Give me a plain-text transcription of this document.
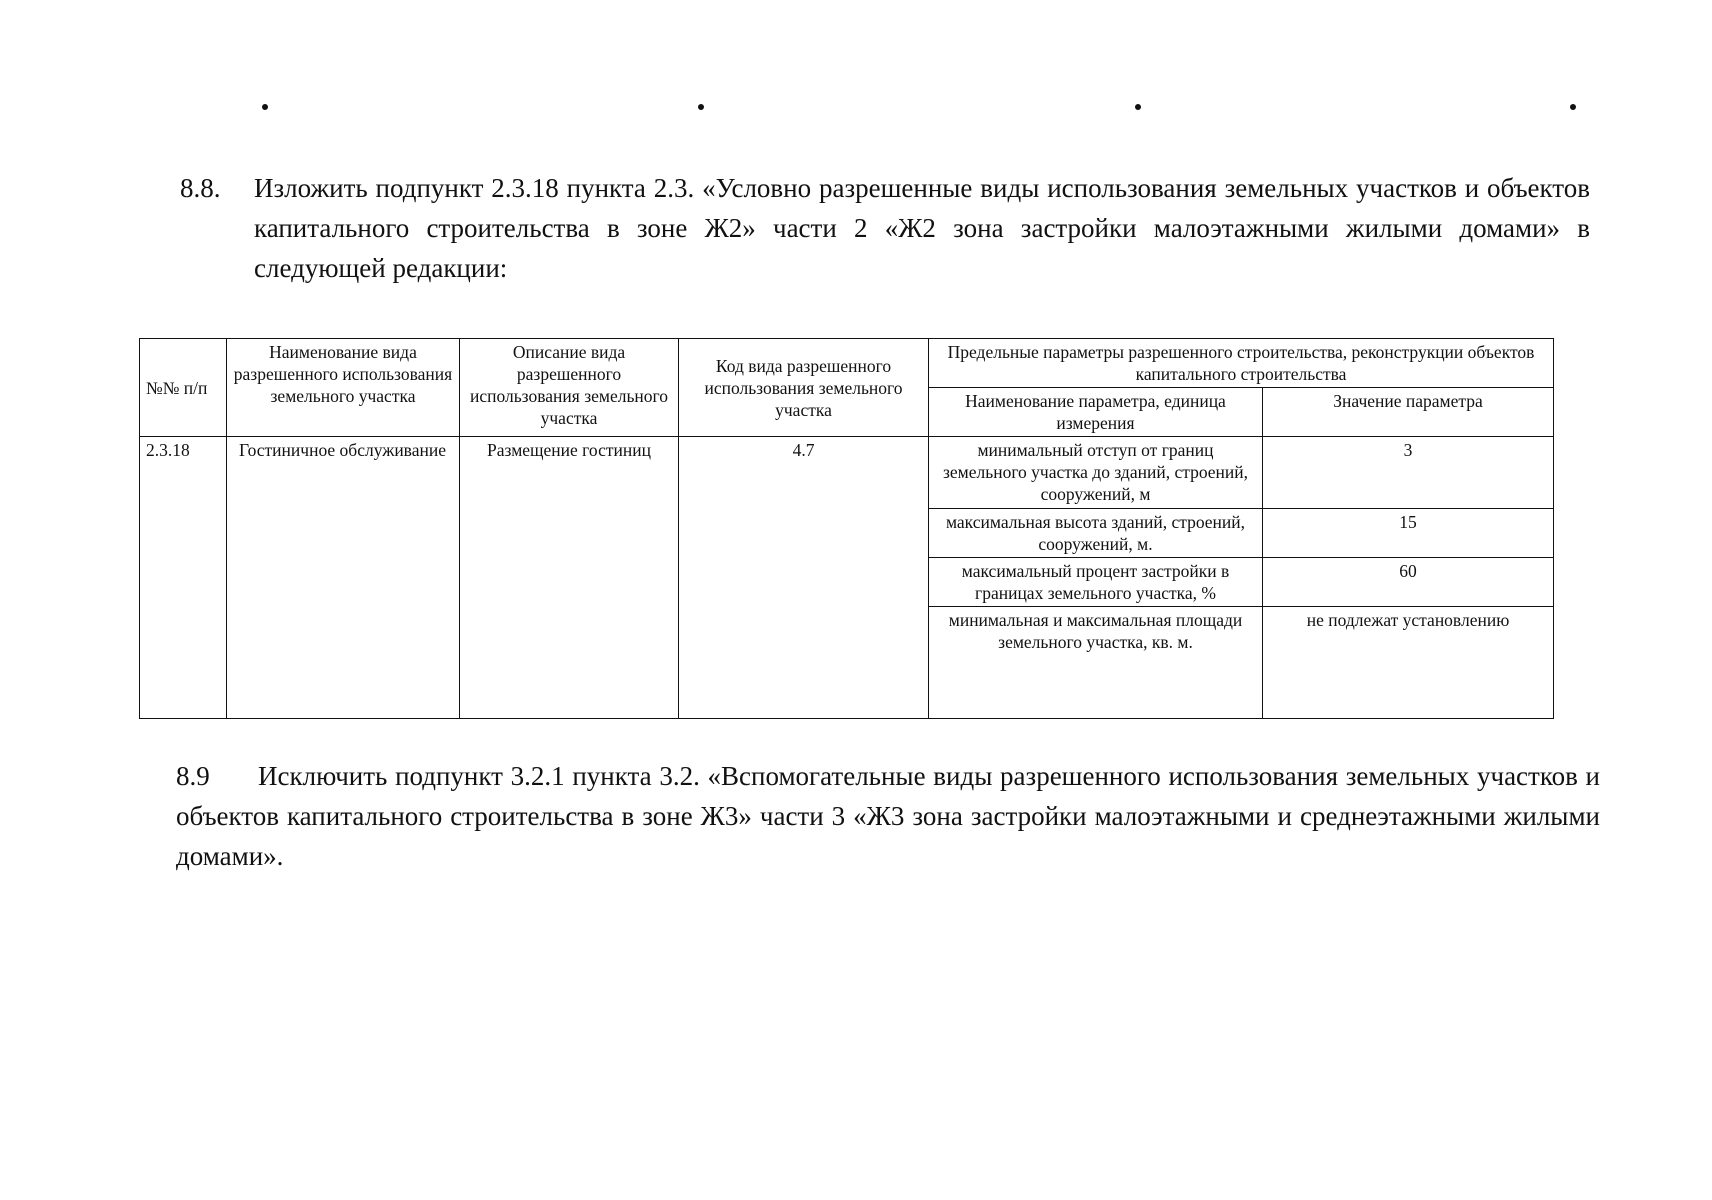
8.8. Изложить подпункт 2.3.18 пункта 2.3. «Условно разрешенные виды использования земельных участков и объектов капитального строительства в зоне Ж2» части 2 «Ж2 зона застройки малоэтажными жилыми домами» в следующей редакции:
№№ п/п	Наименование вида разрешенного использования земельного участка	Описание вида разрешенного использования земельного участка	Код вида разрешенного использования земельного участка	Предельные параметры разрешенного строительства, реконструкции объектов капитального строительства	
				Наименование параметра, единица измерения	Значение параметра
2.3.18	Гостиничное обслуживание	Размещение гостиниц	4.7	минимальный отступ от границ земельного участка до зданий, строений, сооружений, м	3
				максимальная высота зданий, строений, сооружений, м.	15
				максимальный процент застройки в границах земельного участка, %	60
				минимальная и максимальная площади земельного участка, кв. м.	не подлежат установлению
8.9	Исключить подпункт 3.2.1 пункта 3.2. «Вспомогательные виды разрешенного использования земельных участков и объектов капитального строительства в зоне Ж3» части 3 «Ж3 зона застройки малоэтажными и среднеэтажными жилыми домами».
